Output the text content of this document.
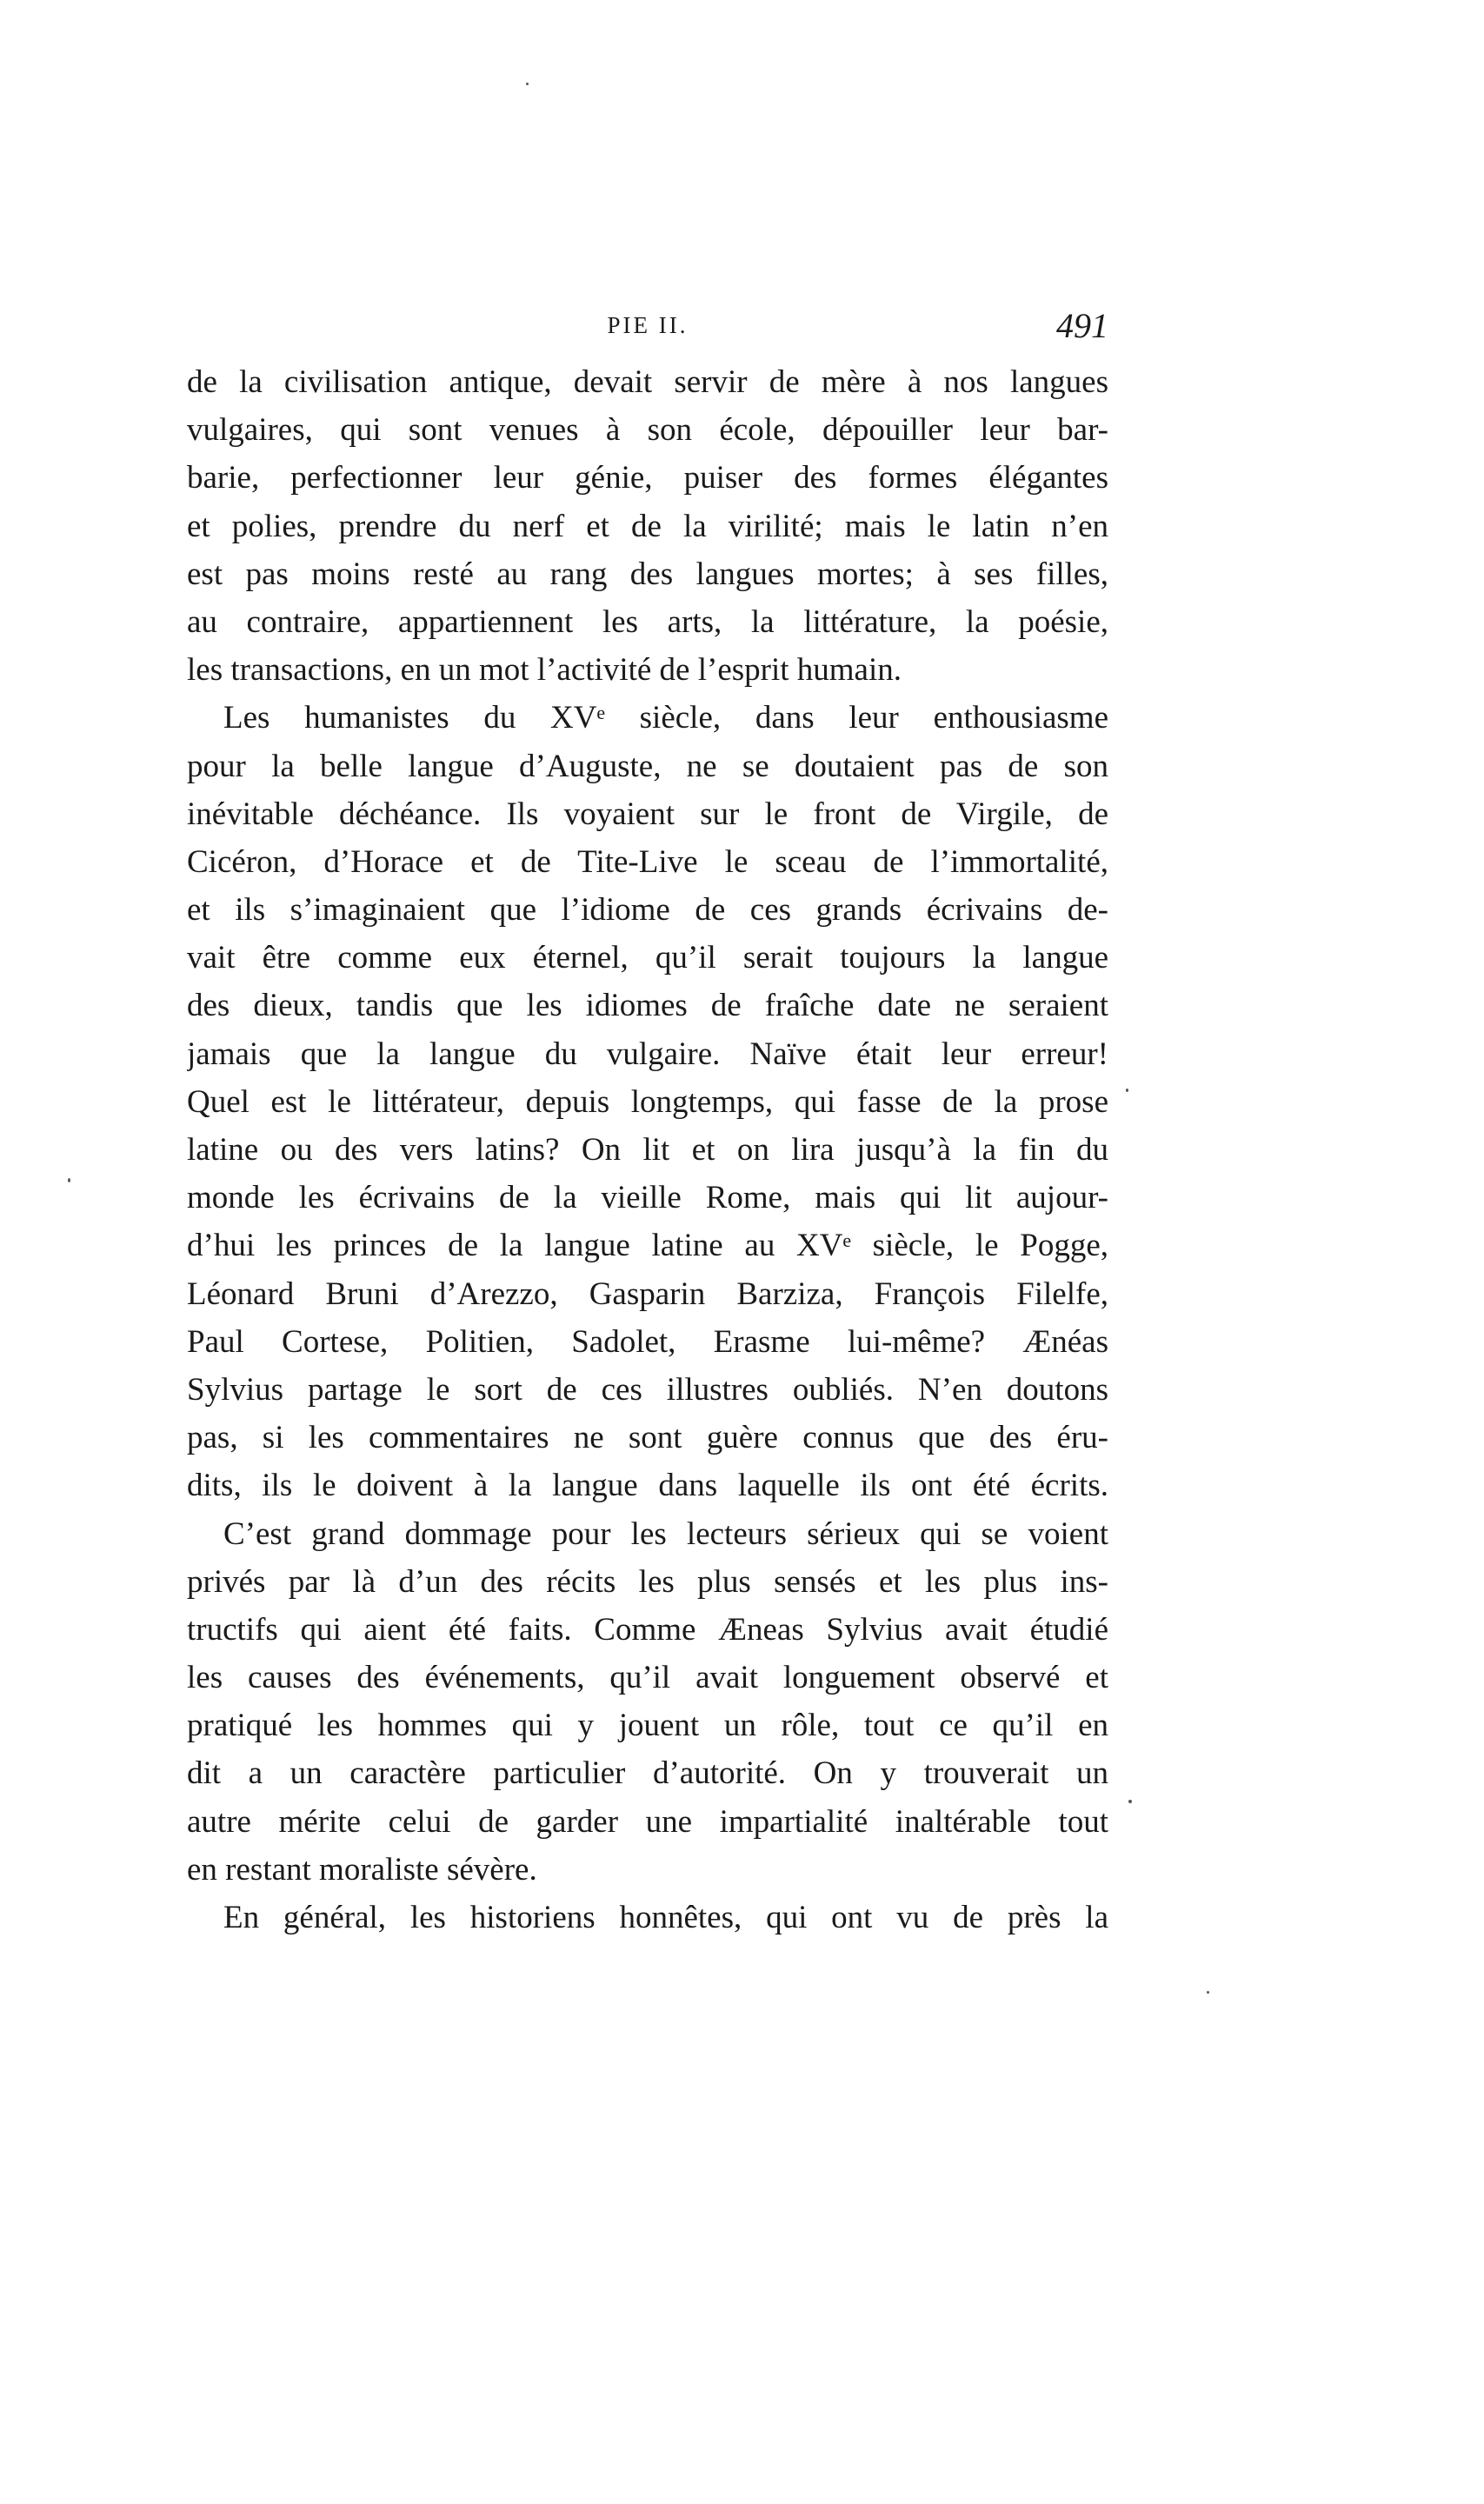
PIE II.	491
de la civilisation antique, devait servir de mère à nos langues
vulgaires, qui sont venues à son école, dépouiller leur bar-
barie, perfectionner leur génie, puiser des formes élégantes
et polies, prendre du nerf et de la virilité; mais le latin n’en
est pas moins resté au rang des langues mortes; à ses filles,
au contraire, appartiennent les arts, la littérature, la poésie,
les transactions, en un mot l’activité de l’esprit humain.
Les humanistes du XVᵉ siècle, dans leur enthousiasme
pour la belle langue d’Auguste, ne se doutaient pas de son
inévitable déchéance. Ils voyaient sur le front de Virgile, de
Cicéron, d’Horace et de Tite-Live le sceau de l’immortalité,
et ils s’imaginaient que l’idiome de ces grands écrivains de-
vait être comme eux éternel, qu’il serait toujours la langue
des dieux, tandis que les idiomes de fraîche date ne seraient
jamais que la langue du vulgaire. Naïve était leur erreur!
Quel est le littérateur, depuis longtemps, qui fasse de la prose
latine ou des vers latins? On lit et on lira jusqu’à la fin du
monde les écrivains de la vieille Rome, mais qui lit aujour-
d’hui les princes de la langue latine au XVᵉ siècle, le Pogge,
Léonard Bruni d’Arezzo, Gasparin Barziza, François Filelfe,
Paul Cortese, Politien, Sadolet, Erasme lui-même? Ænéas
Sylvius partage le sort de ces illustres oubliés. N’en doutons
pas, si les commentaires ne sont guère connus que des éru-
dits, ils le doivent à la langue dans laquelle ils ont été écrits.
C’est grand dommage pour les lecteurs sérieux qui se voient
privés par là d’un des récits les plus sensés et les plus ins-
tructifs qui aient été faits. Comme Æneas Sylvius avait étudié
les causes des événements, qu’il avait longuement observé et
pratiqué les hommes qui y jouent un rôle, tout ce qu’il en
dit a un caractère particulier d’autorité. On y trouverait un
autre mérite celui de garder une impartialité inaltérable tout
en restant moraliste sévère.
En général, les historiens honnêtes, qui ont vu de près la
